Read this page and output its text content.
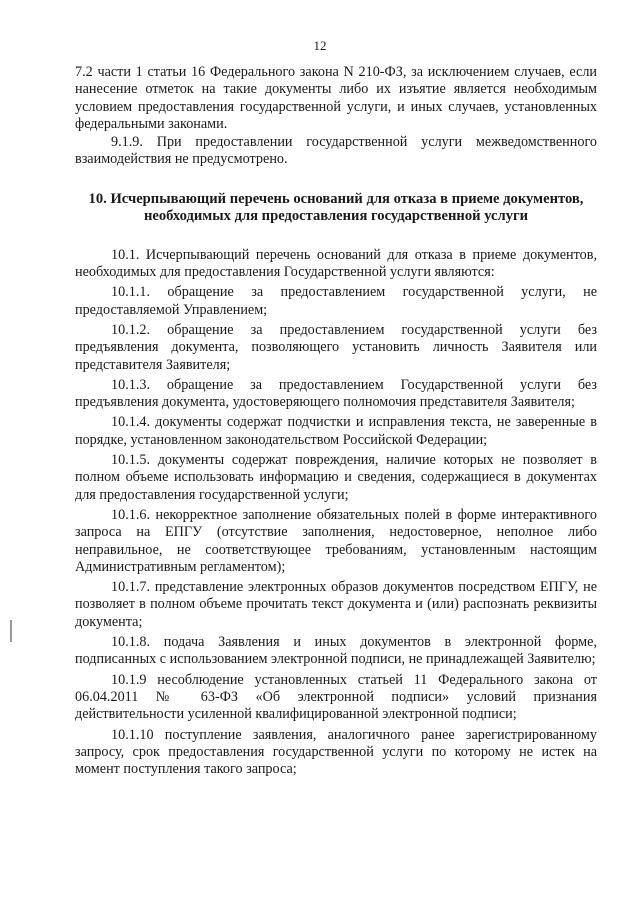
12

7.2 части 1 статьи 16 Федерального закона N 210-ФЗ, за исключением случаев, если нанесение отметок на такие документы либо их изъятие является необходимым условием предоставления государственной услуги, и иных случаев, установленных федеральными законами.

9.1.9. При предоставлении государственной услуги межведомственного взаимодействия не предусмотрено.

10. Исчерпывающий перечень оснований для отказа в приеме документов, необходимых для предоставления государственной услуги

10.1. Исчерпывающий перечень оснований для отказа в приеме документов, необходимых для предоставления Государственной услуги являются:

10.1.1. обращение за предоставлением государственной услуги, не предоставляемой Управлением;

10.1.2. обращение за предоставлением государственной услуги без предъявления документа, позволяющего установить личность Заявителя или представителя Заявителя;

10.1.3. обращение за предоставлением Государственной услуги без предъявления документа, удостоверяющего полномочия представителя Заявителя;

10.1.4. документы содержат подчистки и исправления текста, не заверенные в порядке, установленном законодательством Российской Федерации;

10.1.5. документы содержат повреждения, наличие которых не позволяет в полном объеме использовать информацию и сведения, содержащиеся в документах для предоставления государственной услуги;

10.1.6. некорректное заполнение обязательных полей в форме интерактивного запроса на ЕПГУ (отсутствие заполнения, недостоверное, неполное либо неправильное, не соответствующее требованиям, установленным настоящим Административным регламентом);

10.1.7. представление электронных образов документов посредством ЕПГУ, не позволяет в полном объеме прочитать текст документа и (или) распознать реквизиты документа;

10.1.8. подача Заявления и иных документов в электронной форме, подписанных с использованием электронной подписи, не принадлежащей Заявителю;

10.1.9 несоблюдение установленных статьей 11 Федерального закона от 06.04.2011 № 63-ФЗ «Об электронной подписи» условий признания действительности усиленной квалифицированной электронной подписи;

10.1.10 поступление заявления, аналогичного ранее зарегистрированному запросу, срок предоставления государственной услуги по которому не истек на момент поступления такого запроса;
